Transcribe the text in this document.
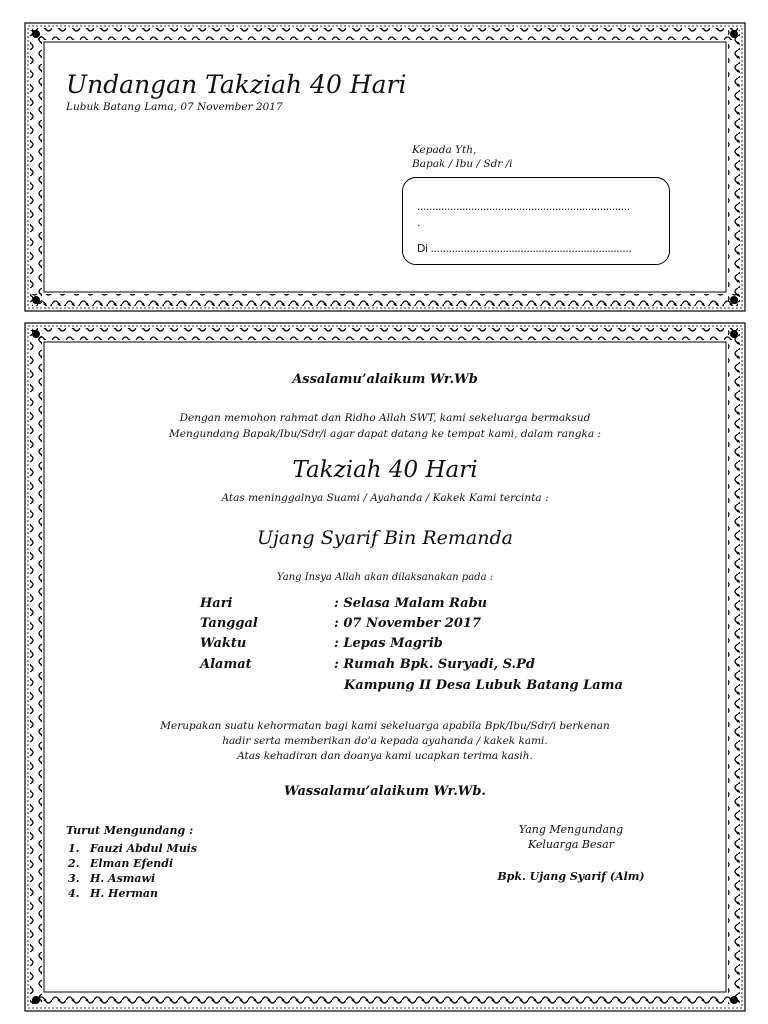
Undangan Takziah 40 Hari
Lubuk Batang Lama, 07 November 2017
Kepada Yth,
Bapak / Ibu / Sdr /i
.......................................................................
.
Di ...................................................................
Assalamu’alaikum Wr.Wb
Dengan memohon rahmat dan Ridho Allah SWT, kami sekeluarga bermaksud
Mengundang Bapak/Ibu/Sdr/i agar dapat datang ke tempat kami, dalam rangka :
Takziah 40 Hari
Atas meninggalnya Suami / Ayahanda / Kakek Kami tercinta :
Ujang Syarif Bin Remanda
Yang Insya Allah akan dilaksanakan pada :
Hari	: Selasa Malam Rabu
Tanggal	: 07 November 2017
Waktu	: Lepas Magrib
Alamat	: Rumah Bpk. Suryadi, S.Pd
Kampung II Desa Lubuk Batang Lama
Merupakan suatu kehormatan bagi kami sekeluarga apabila Bpk/Ibu/Sdr/i berkenan
hadir serta memberikan do’a kepada ayahanda / kakek kami.
Atas kehadiran dan doanya kami ucapkan terima kasih.
Wassalamu’alaikum Wr.Wb.
Turut Mengundang :
1. Fauzi Abdul Muis
2. Elman Efendi
3. H. Asmawi
4. H. Herman
Yang Mengundang
Keluarga Besar
Bpk. Ujang Syarif (Alm)
